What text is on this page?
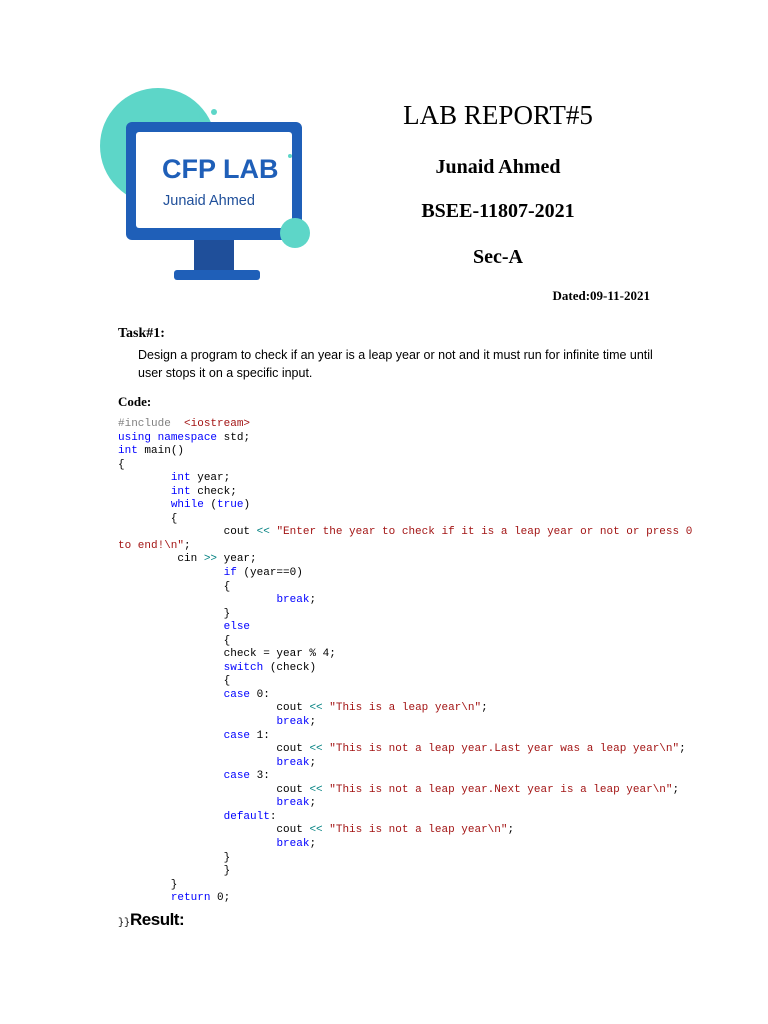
CFP LAB
Junaid Ahmed
LAB REPORT#5
Junaid Ahmed
BSEE-11807-2021
Sec-A
Dated:09-11-2021
Task#1:
Design a program to check if an year is a leap year or not and it must run for infinite time until user stops it on a specific input.
Code:
#include  <iostream>
using namespace std;
int main()
{
int year;
int check;
while (true)
{
cout << "Enter the year to check if it is a leap year or not or press 0
to end!\n";
cin >> year;
if (year==0)
{
break;
}
else
{
check = year % 4;
switch (check)
{
case 0:
cout << "This is a leap year\n";
break;
case 1:
cout << "This is not a leap year.Last year was a leap year\n";
break;
case 3:
cout << "This is not a leap year.Next year is a leap year\n";
break;
default:
cout << "This is not a leap year\n";
break;
}
}
}
return 0;
}}Result:
